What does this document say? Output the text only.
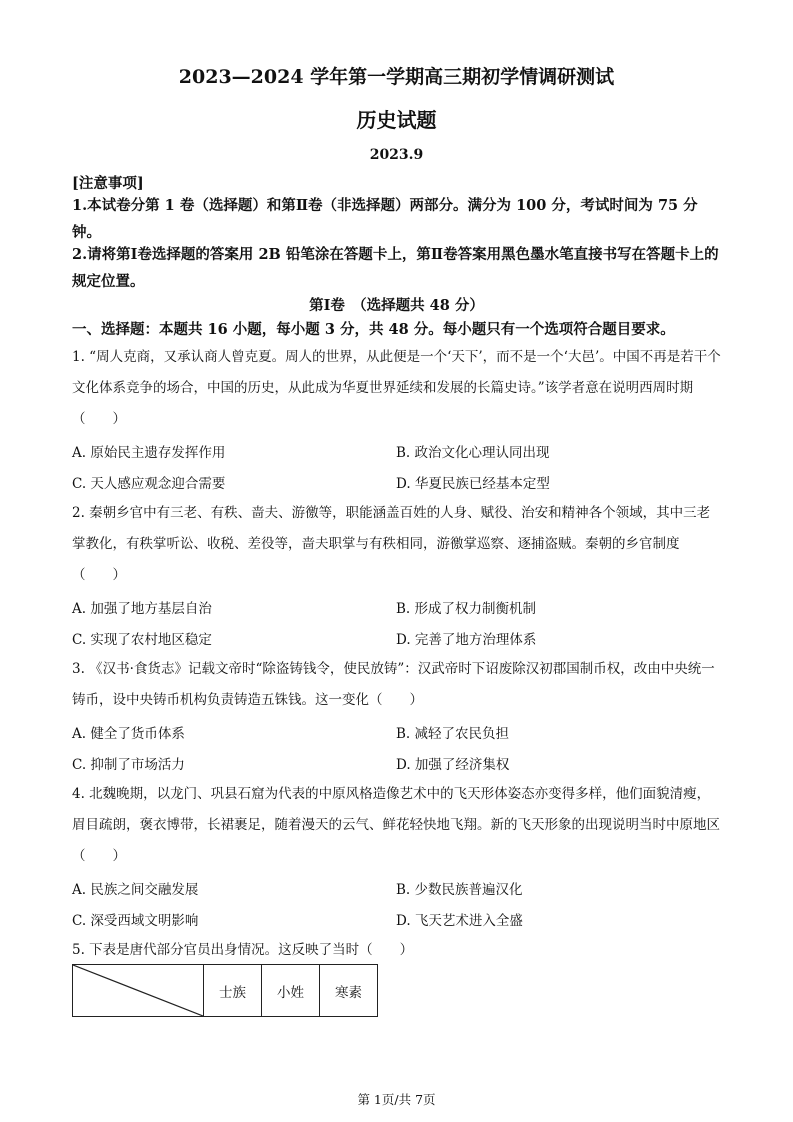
2023—2024 学年第一学期高三期初学情调研测试
历史试题
2023.9
[注意事项]
1.本试卷分第 1 卷（选择题）和第Ⅱ卷（非选择题）两部分。满分为 100 分，考试时间为 75 分钟。
2.请将第Ⅰ卷选择题的答案用 2B 铅笔涂在答题卡上，第Ⅱ卷答案用黑色墨水笔直接书写在答题卡上的规定位置。
第Ⅰ卷　（选择题共 48 分）
一、选择题：本题共 16 小题，每小题 3 分，共 48 分。每小题只有一个选项符合题目要求。
1. “周人克商，又承认商人曾克夏。周人的世界，从此便是一个‘天下’，而不是一个‘大邑’。中国不再是若干个文化体系竞争的场合，中国的历史，从此成为华夏世界延续和发展的长篇史诗。”该学者意在说明西周时期（　　）
A. 原始民主遗存发挥作用	B. 政治文化心理认同出现
C. 天人感应观念迎合需要	D. 华夏民族已经基本定型
2. 秦朝乡官中有三老、有秩、啬夫、游徼等，职能涵盖百姓的人身、赋役、治安和精神各个领域，其中三老掌教化，有秩掌听讼、收税、差役等，啬夫职掌与有秩相同，游徼掌巡察、逐捕盗贼。秦朝的乡官制度（　　）
A. 加强了地方基层自治	B. 形成了权力制衡机制
C. 实现了农村地区稳定	D. 完善了地方治理体系
3. 《汉书·食货志》记载文帝时“除盗铸钱令，使民放铸”：汉武帝时下诏废除汉初郡国制币权，改由中央统一铸币，设中央铸币机构负责铸造五铢钱。这一变化（　　）
A. 健全了货币体系	B. 减轻了农民负担
C. 抑制了市场活力	D. 加强了经济集权
4. 北魏晚期，以龙门、巩县石窟为代表的中原风格造像艺术中的飞天形体姿态亦变得多样，他们面貌清瘦，眉目疏朗，褒衣博带，长裙裹足，随着漫天的云气、鲜花轻快地飞翔。新的飞天形象的出现说明当时中原地区（　　）
A. 民族之间交融发展	B. 少数民族普遍汉化
C. 深受西域文明影响	D. 飞天艺术进入全盛
5. 下表是唐代部分官员出身情况。这反映了当时（　　）
	士族	小姓	寒素
第 1页/共 7页
